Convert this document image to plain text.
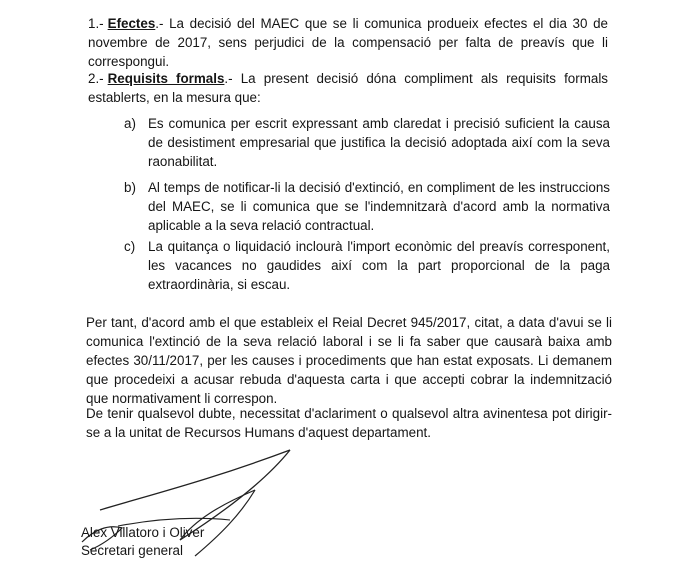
1.- Efectes.- La decisió del MAEC que se li comunica produeix efectes el dia 30 de novembre de 2017, sens perjudici de la compensació per falta de preavís que li correspongui.
2.- Requisits formals.- La present decisió dóna compliment als requisits formals establerts, en la mesura que:
a) Es comunica per escrit expressant amb claredat i precisió suficient la causa de desistiment empresarial que justifica la decisió adoptada així com la seva raonabilitat.
b) Al temps de notificar-li la decisió d'extinció, en compliment de les instruccions del MAEC, se li comunica que se l'indemnitzarà d'acord amb la normativa aplicable a la seva relació contractual.
c) La quitança o liquidació inclourà l'import econòmic del preavís corresponent, les vacances no gaudides així com la part proporcional de la paga extraordinària, si escau.
Per tant, d'acord amb el que estableix el Reial Decret 945/2017, citat, a data d'avui se li comunica l'extinció de la seva relació laboral i se li fa saber que causarà baixa amb efectes 30/11/2017, per les causes i procediments que han estat exposats. Li demanem que procedeixi a acusar rebuda d'aquesta carta i que accepti cobrar la indemnització que normativament li correspon.
De tenir qualsevol dubte, necessitat d'aclariment o qualsevol altra avinentesa pot dirigir-se a la unitat de Recursos Humans d'aquest departament.
Alex Villatoro i Oliver
Secretari general
